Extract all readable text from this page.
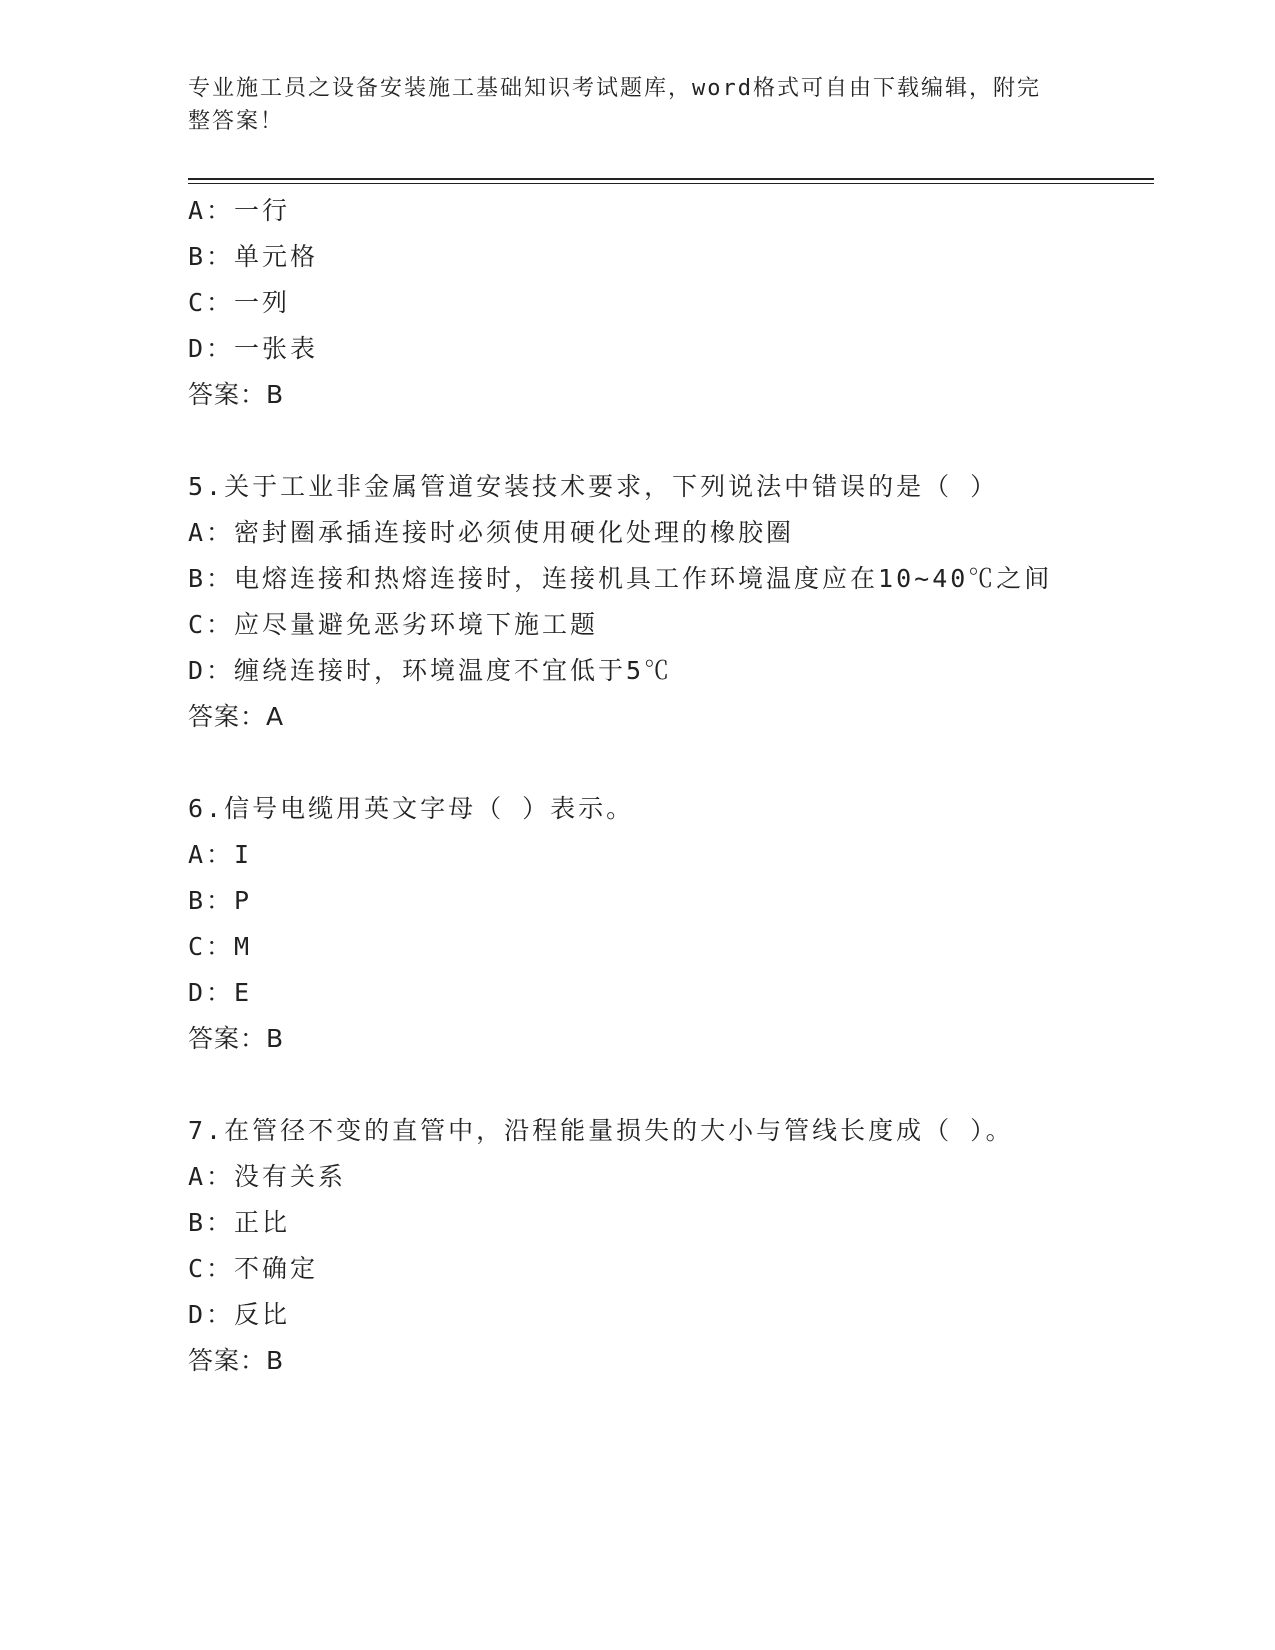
专业施工员之设备安装施工基础知识考试题库，word格式可自由下载编辑，附完
整答案！
A：一行
B：单元格
C：一列
D：一张表
答案：B
5.关于工业非金属管道安装技术要求，下列说法中错误的是（ ）
A：密封圈承插连接时必须使用硬化处理的橡胶圈
B：电熔连接和热熔连接时，连接机具工作环境温度应在10~40℃之间
C：应尽量避免恶劣环境下施工题
D：缠绕连接时，环境温度不宜低于5℃
答案：A
6.信号电缆用英文字母（ ）表示。
A：I
B：P
C：M
D：E
答案：B
7.在管径不变的直管中，沿程能量损失的大小与管线长度成（ ）。
A：没有关系
B：正比
C：不确定
D：反比
答案：B
